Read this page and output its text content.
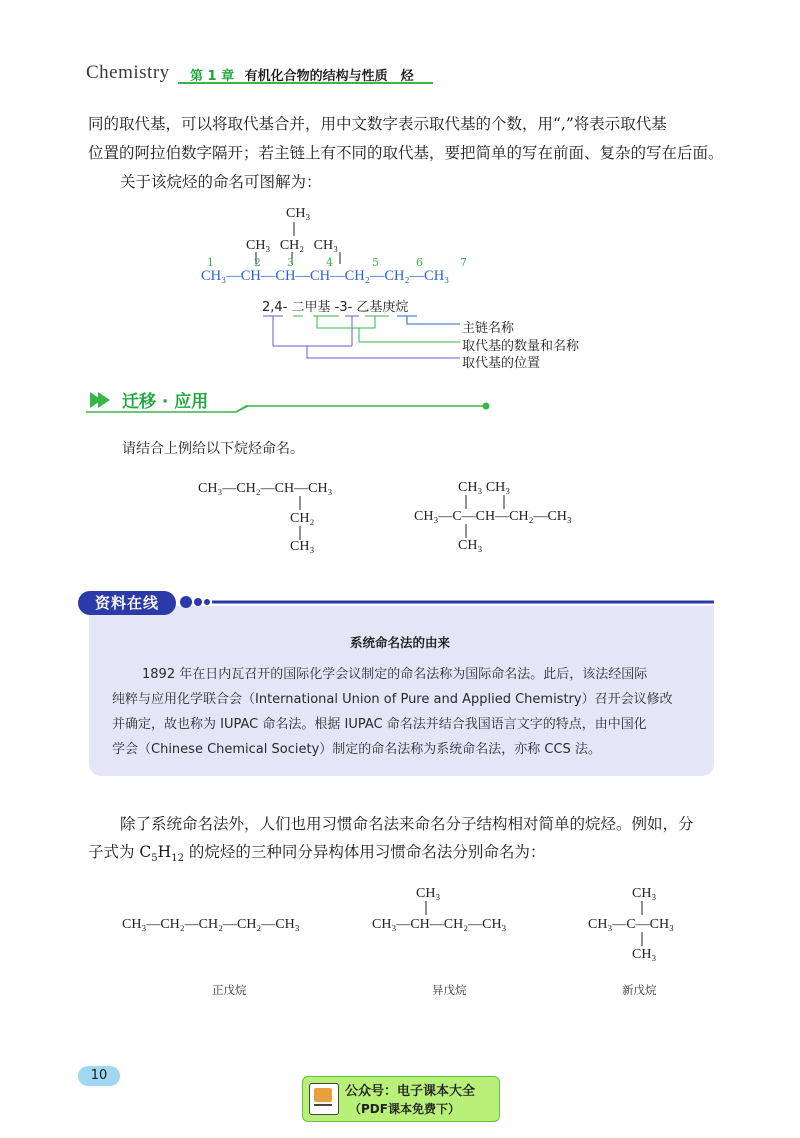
Chemistry 第 1 章 有机化合物的结构与性质　烃
同的取代基，可以将取代基合并，用中文数字表示取代基的个数，用“,”将表示取代基
位置的阿拉伯数字隔开；若主链上有不同的取代基，要把简单的写在前面、复杂的写在后面。
关于该烷烃的命名可图解为：
CH₃
CH₃ CH₂ CH₃
1	2 3	4	5	6	7
CH₃—CH—CH—CH—CH₂—CH₂—CH₃
2,4- 二甲基 -3- 乙基庚烷
主链名称
取代基的数量和名称
取代基的位置
迁移 · 应用
请结合上例给以下烷烃命名。
CH₃—CH₂—CH—CH₃
CH₂
CH₃
CH₃ CH₃
CH₃—C—CH—CH₂—CH₃
CH₃
资料在线
系统命名法的由来
1892 年在日内瓦召开的国际化学会议制定的命名法称为国际命名法。此后，该法经国际
纯粹与应用化学联合会（International Union of Pure and Applied Chemistry）召开会议修改
并确定，故也称为 IUPAC 命名法。根据 IUPAC 命名法并结合我国语言文字的特点，由中国化
学会（Chinese Chemical Society）制定的命名法称为系统命名法，亦称 CCS 法。
除了系统命名法外，人们也用习惯命名法来命名分子结构相对简单的烷烃。例如，分
子式为 $C_5H_{12}$ 的烷烃的三种同分异构体用习惯命名法分别命名为：
CH₃—CH₂—CH₂—CH₂—CH₃
正戊烷
CH₃
CH₃—CH—CH₂—CH₃
异戊烷
CH₃
CH₃—C—CH₃
CH₃
新戊烷
10
公众号：电子课本大全
（PDF课本免费下）
